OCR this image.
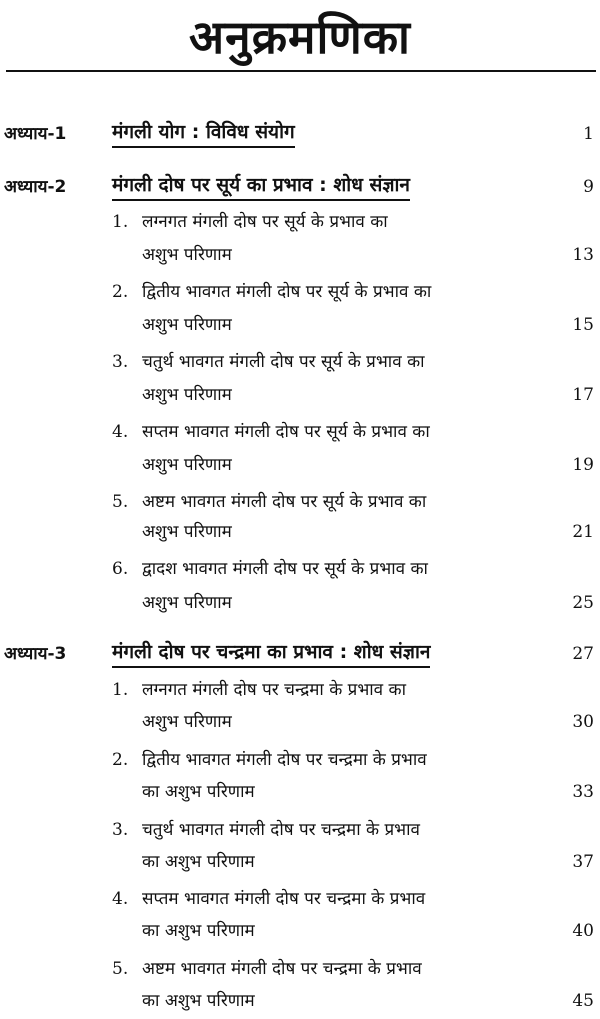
अनुक्रमणिका
अध्याय-1 मंगली योग : विविध संयोग	1
अध्याय-2 मंगली दोष पर सूर्य का प्रभाव : शोध संज्ञान	9
1. लग्नगत मंगली दोष पर सूर्य के प्रभाव का
अशुभ परिणाम	13
2. द्वितीय भावगत मंगली दोष पर सूर्य के प्रभाव का
अशुभ परिणाम	15
3. चतुर्थ भावगत मंगली दोष पर सूर्य के प्रभाव का
अशुभ परिणाम	17
4. सप्तम भावगत मंगली दोष पर सूर्य के प्रभाव का
अशुभ परिणाम	19
5. अष्टम भावगत मंगली दोष पर सूर्य के प्रभाव का
अशुभ परिणाम	21
6. द्वादश भावगत मंगली दोष पर सूर्य के प्रभाव का
अशुभ परिणाम	25
अध्याय-3 मंगली दोष पर चन्द्रमा का प्रभाव : शोध संज्ञान	27
1. लग्नगत मंगली दोष पर चन्द्रमा के प्रभाव का
अशुभ परिणाम	30
2. द्वितीय भावगत मंगली दोष पर चन्द्रमा के प्रभाव
का अशुभ परिणाम	33
3. चतुर्थ भावगत मंगली दोष पर चन्द्रमा के प्रभाव
का अशुभ परिणाम	37
4. सप्तम भावगत मंगली दोष पर चन्द्रमा के प्रभाव
का अशुभ परिणाम	40
5. अष्टम भावगत मंगली दोष पर चन्द्रमा के प्रभाव
का अशुभ परिणाम	45
